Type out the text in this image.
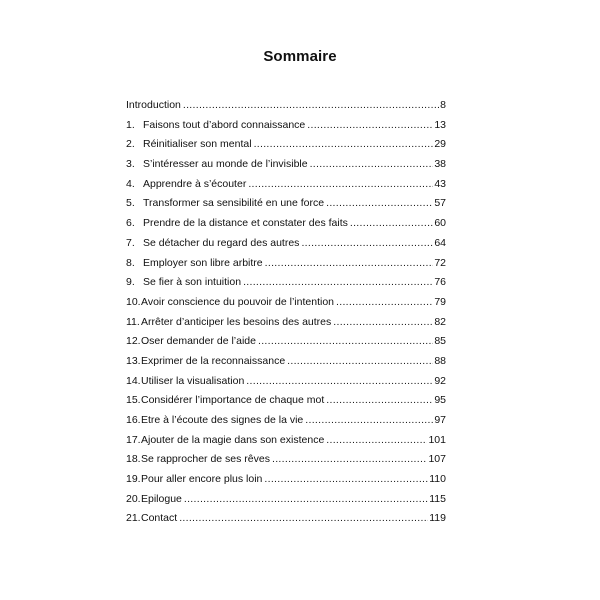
Sommaire
Introduction .....	8
1. Faisons tout d’abord connaissance .....	13
2. Réinitialiser son mental .....	29
3. S’intéresser au monde de l’invisible .....	38
4. Apprendre à s’écouter .....	43
5. Transformer sa sensibilité en une force .....	57
6. Prendre de la distance et constater des faits .....	60
7. Se détacher du regard des autres .....	64
8. Employer son libre arbitre .....	72
9. Se fier à son intuition .....	76
10. Avoir conscience du pouvoir de l’intention .....	79
11. Arrêter d’anticiper les besoins des autres .....	82
12. Oser demander de l’aide .....	85
13. Exprimer de la reconnaissance .....	88
14. Utiliser la visualisation .....	92
15. Considérer l’importance de chaque mot .....	95
16. Etre à l’écoute des signes de la vie .....	97
17. Ajouter de la magie dans son existence .....	101
18. Se rapprocher de ses rêves .....	107
19. Pour aller encore plus loin .....	110
20. Epilogue .....	115
21. Contact .....	119
